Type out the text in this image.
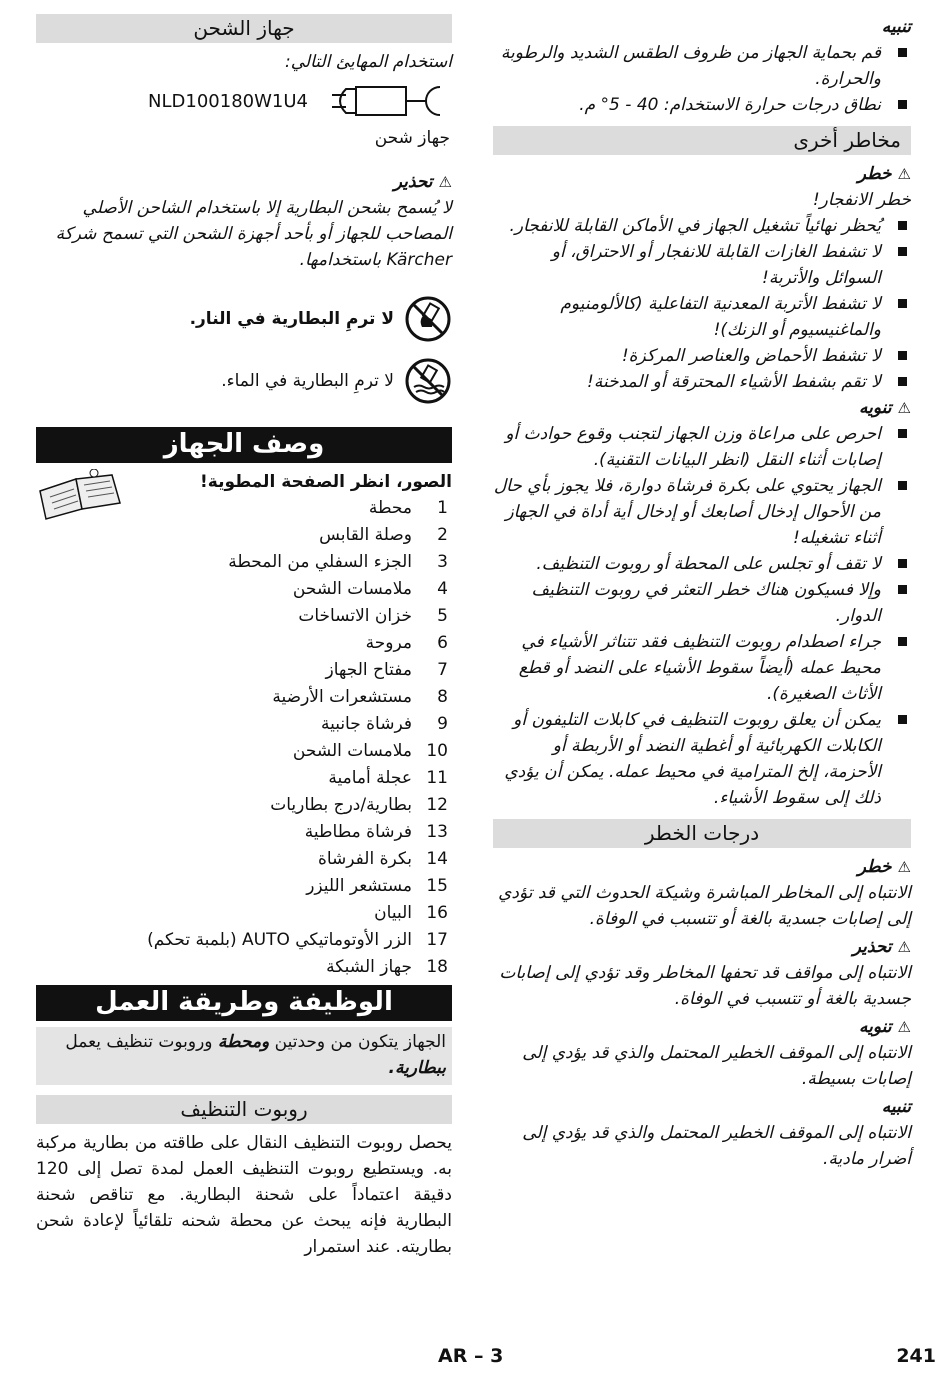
جهاز الشحن

استخدام المهايئ التالي:

NLD100180W1U4

جهاز شحن

⚠
تحذير

لا يُسمح بشحن البطارية إلا باستخدام الشاحن الأصلي المصاحب للجهاز أو بأحد أجهزة الشحن التي تسمح شركة Kärcher باستخدامها.

لا ترمِ البطارية في النار.
لا ترمِ البطارية في الماء.
وصف الجهاز

الصور، انظر الصفحة المطوية!

1
محطة
2
وصلة القابس
3
الجزء السفلي من المحطة
4
ملامسات الشحن
5
خزان الاتساخات
6
مروحة
7
مفتاح الجهاز
8
مستشعرات الأرضية
9
فرشاة جانبية
10
ملامسات الشحن
11
عجلة أمامية
12
بطارية/درج بطاريات
13
فرشاة مطاطية
14
بكرة الفرشاة
15
مستشعر الليزر
16
البيان
17
الزر الأوتوماتيكي AUTO (بلمبة تحكم)
18
جهاز الشبكة
الوظيفة وطريقة العمل
الجهاز يتكون من وحدتين ومحطة وروبوت تنظيف يعمل ببطارية.
روبوت التنظيف

يحصل روبوت التنظيف النقال على طاقته من بطارية مركبة به. ويستطيع روبوت التنظيف العمل لمدة تصل إلى 120 دقيقة اعتماداً على شحنة البطارية. مع تناقص شحنة البطارية فإنه يبحث عن محطة شحنه تلقائياً لإعادة شحن بطاريته. عند استمرار

تنبيه

قم بحماية الجهاز من ظروف الطقس الشديد والرطوبة والحرارة.
نطاق درجات حرارة الاستخدام: 40 - 5° م.
مخاطر أخرى
⚠
خطر

خطر الانفجار!

يُحظر نهائياً تشغيل الجهاز في الأماكن القابلة للانفجار.
لا تشفط الغازات القابلة للانفجار أو الاحتراق، أو السوائل والأتربة!
لا تشفط الأتربة المعدنية التفاعلية (كالألومنيوم والماغنيسيوم أو الزنك)!
لا تشفط الأحماض والعناصر المركزة!
لا تقم بشفط الأشياء المحترقة أو المدخنة!
⚠
تنويه
احرص على مراعاة وزن الجهاز لتجنب وقوع حوادث أو إصابات أثناء النقل (انظر البيانات التقنية).
الجهاز يحتوي على بكرة فرشاة دوارة، فلا يجوز بأي حال من الأحوال إدخال أصابعك أو إدخال أية أداة في الجهاز أثناء تشغيله!
لا تقف أو تجلس على المحطة أو روبوت التنظيف.
وإلا فسيكون هناك خطر التعثر في روبوت التنظيف الدوار.
جراء اصطدام روبوت التنظيف فقد تتناثر الأشياء في محيط عمله (أيضاً سقوط الأشياء على النضد أو قطع الأثاث الصغيرة).
يمكن أن يعلق روبوت التنظيف في كابلات التليفون أو الكابلات الكهربائية أو أغطية النضد أو الأربطة أو الأحزمة، إلخ المترامية في محيط عمله. يمكن أن يؤدي ذلك إلى سقوط الأشياء.
درجات الخطر
⚠
خطر

الانتباه إلى المخاطر المباشرة وشيكة الحدوث التي قد تؤدي إلى إصابات جسدية بالغة أو تتسبب في الوفاة.

⚠
تحذير

الانتباه إلى مواقف قد تحفها المخاطر وقد تؤدي إلى إصابات جسدية بالغة أو تتسبب في الوفاة.

⚠
تنويه

الانتباه إلى الموقف الخطير المحتمل والذي قد يؤدي إلى إصابات بسيطة.

تنبيه

الانتباه إلى الموقف الخطير المحتمل والذي قد يؤدي إلى أضرار مادية.

AR – 3	241
